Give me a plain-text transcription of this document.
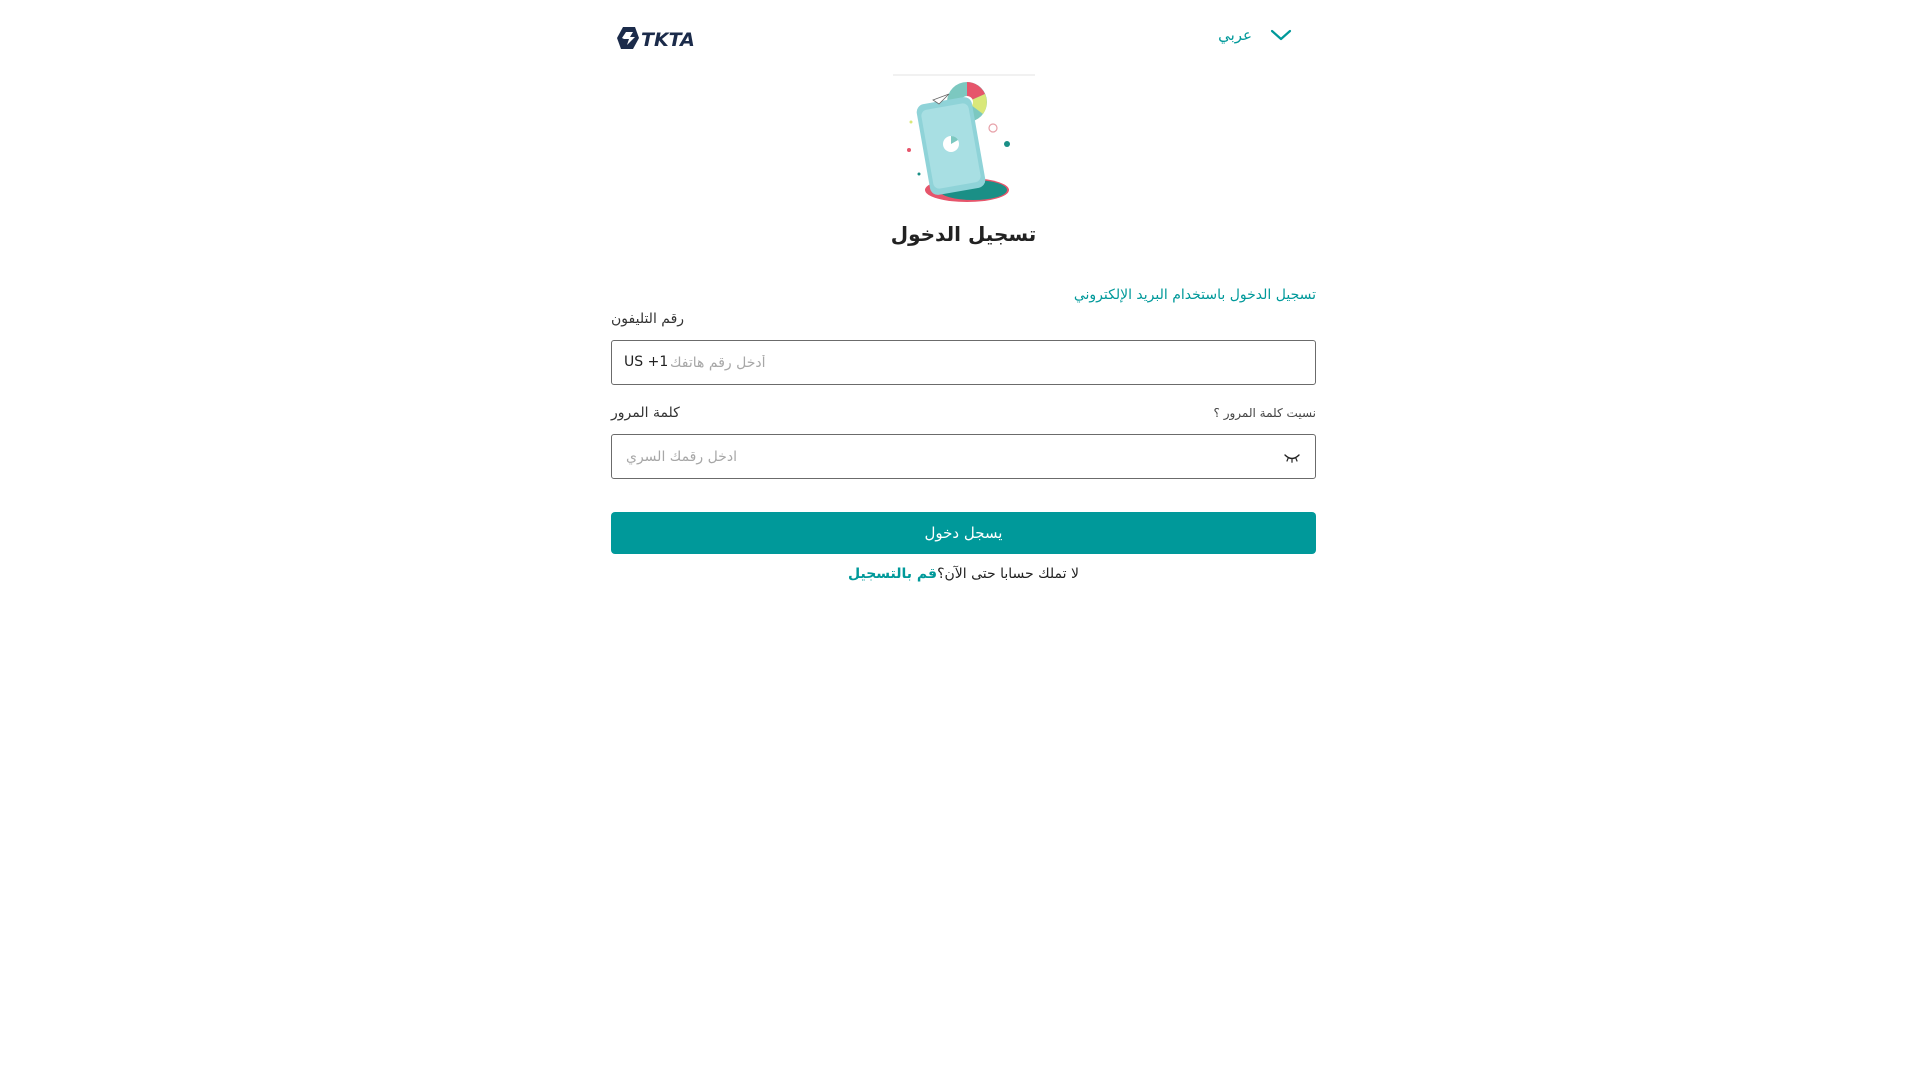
TKTA	عربي
تسجيل الدخول
تسجيل الدخول باستخدام البريد الإلكتروني
رقم التليفون
US +1
أدخل رقم هاتفك
كلمة المرور	نسيت كلمة المرور ؟
يسجل دخول
لا تملك حسابا حتى الآن؟قم بالتسجيل
